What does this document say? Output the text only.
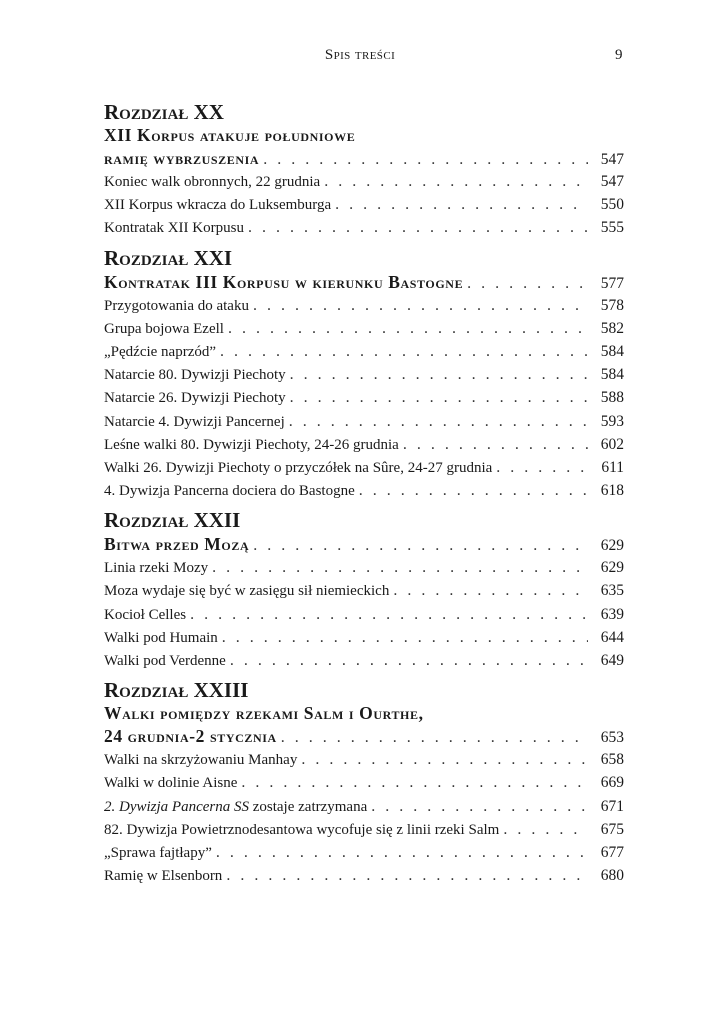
Spis treści	9
Rozdział XX
XII Korpus atakuje południowe
ramię wybrzuszenia . . .	547
Koniec walk obronnych, 22 grudnia . . .	547
XII Korpus wkracza do Luksemburga . . .	550
Kontratak XII Korpusu . . .	555
Rozdział XXI
Kontratak III Korpusu w kierunku Bastogne . . .	577
Przygotowania do ataku . . .	578
Grupa bojowa Ezell . . .	582
„Pędźcie naprzód” . . .	584
Natarcie 80. Dywizji Piechoty . . .	584
Natarcie 26. Dywizji Piechoty . . .	588
Natarcie 4. Dywizji Pancernej . . .	593
Leśne walki 80. Dywizji Piechoty, 24-26 grudnia . . .	602
Walki 26. Dywizji Piechoty o przyczółek na Sûre, 24-27 grudnia . . .	611
4. Dywizja Pancerna dociera do Bastogne . . .	618
Rozdział XXII
Bitwa przed Mozą . . .	629
Linia rzeki Mozy . . .	629
Moza wydaje się być w zasięgu sił niemieckich . . .	635
Kocioł Celles . . .	639
Walki pod Humain . . .	644
Walki pod Verdenne . . .	649
Rozdział XXIII
Walki pomiędzy rzekami Salm i Ourthe,
24 grudnia-2 stycznia . . .	653
Walki na skrzyżowaniu Manhay . . .	658
Walki w dolinie Aisne . . .	669
2. Dywizja Pancerna SS zostaje zatrzymana . . .	671
82. Dywizja Powietrznodesantowa wycofuje się z linii rzeki Salm . . .	675
„Sprawa fajtłapy” . . .	677
Ramię w Elsenborn . . .	680
